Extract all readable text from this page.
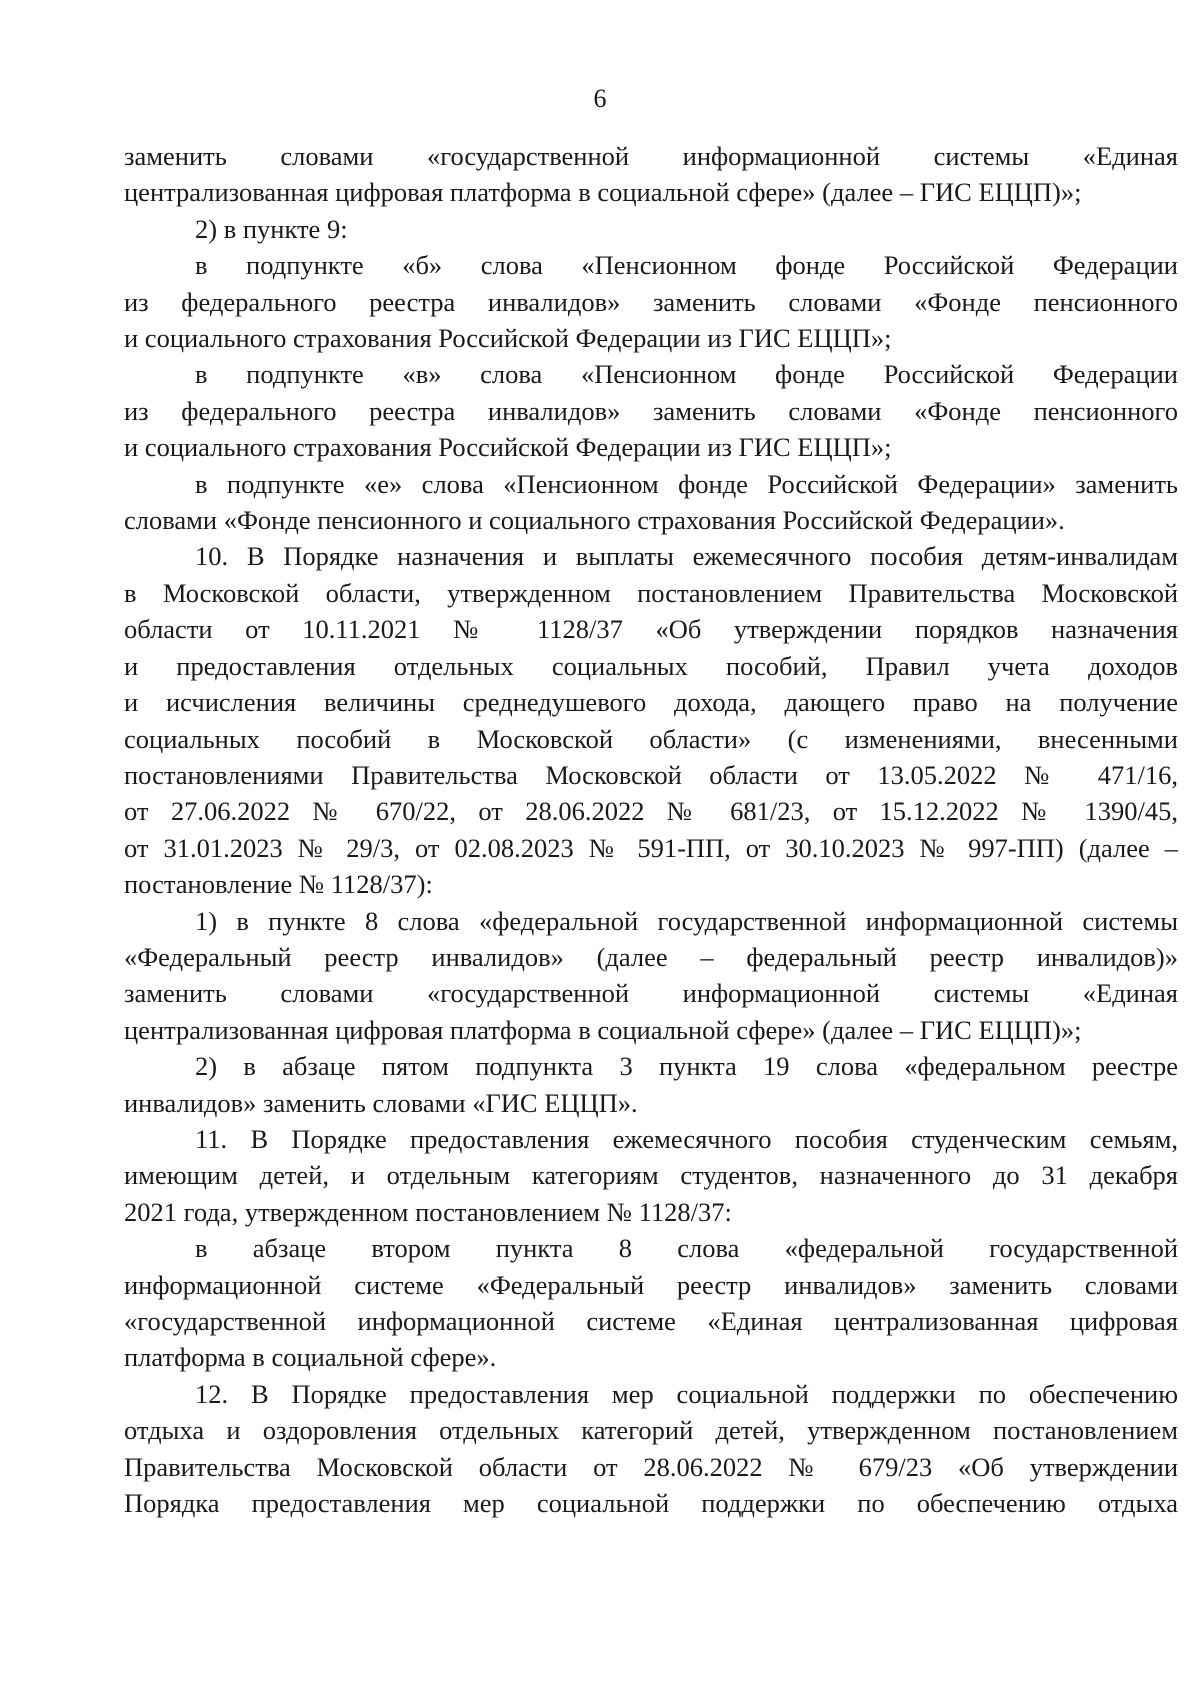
6
заменить словами «государственной информационной системы «Единая
централизованная цифровая платформа в социальной сфере» (далее – ГИС ЕЦЦП)»;
2) в пункте 9:
в подпункте «б» слова «Пенсионном фонде Российской Федерации
из федерального реестра инвалидов» заменить словами «Фонде пенсионного
и социального страхования Российской Федерации из ГИС ЕЦЦП»;
в подпункте «в» слова «Пенсионном фонде Российской Федерации
из федерального реестра инвалидов» заменить словами «Фонде пенсионного
и социального страхования Российской Федерации из ГИС ЕЦЦП»;
в подпункте «е» слова «Пенсионном фонде Российской Федерации» заменить
словами «Фонде пенсионного и социального страхования Российской Федерации».
10. В Порядке назначения и выплаты ежемесячного пособия детям-инвалидам
в Московской области, утвержденном постановлением Правительства Московской
области от 10.11.2021 № 1128/37 «Об утверждении порядков назначения
и предоставления отдельных социальных пособий, Правил учета доходов
и исчисления величины среднедушевого дохода, дающего право на получение
социальных пособий в Московской области» (с изменениями, внесенными
постановлениями Правительства Московской области от 13.05.2022 № 471/16,
от 27.06.2022 № 670/22, от 28.06.2022 № 681/23, от 15.12.2022 № 1390/45,
от 31.01.2023 № 29/3, от 02.08.2023 № 591-ПП, от 30.10.2023 № 997-ПП) (далее –
постановление № 1128/37):
1) в пункте 8 слова «федеральной государственной информационной системы
«Федеральный реестр инвалидов» (далее – федеральный реестр инвалидов)»
заменить словами «государственной информационной системы «Единая
централизованная цифровая платформа в социальной сфере» (далее – ГИС ЕЦЦП)»;
2) в абзаце пятом подпункта 3 пункта 19 слова «федеральном реестре
инвалидов» заменить словами «ГИС ЕЦЦП».
11. В Порядке предоставления ежемесячного пособия студенческим семьям,
имеющим детей, и отдельным категориям студентов, назначенного до 31 декабря
2021 года, утвержденном постановлением № 1128/37:
в абзаце втором пункта 8 слова «федеральной государственной
информационной системе «Федеральный реестр инвалидов» заменить словами
«государственной информационной системе «Единая централизованная цифровая
платформа в социальной сфере».
12. В Порядке предоставления мер социальной поддержки по обеспечению
отдыха и оздоровления отдельных категорий детей, утвержденном постановлением
Правительства Московской области от 28.06.2022 № 679/23 «Об утверждении
Порядка предоставления мер социальной поддержки по обеспечению отдыха
